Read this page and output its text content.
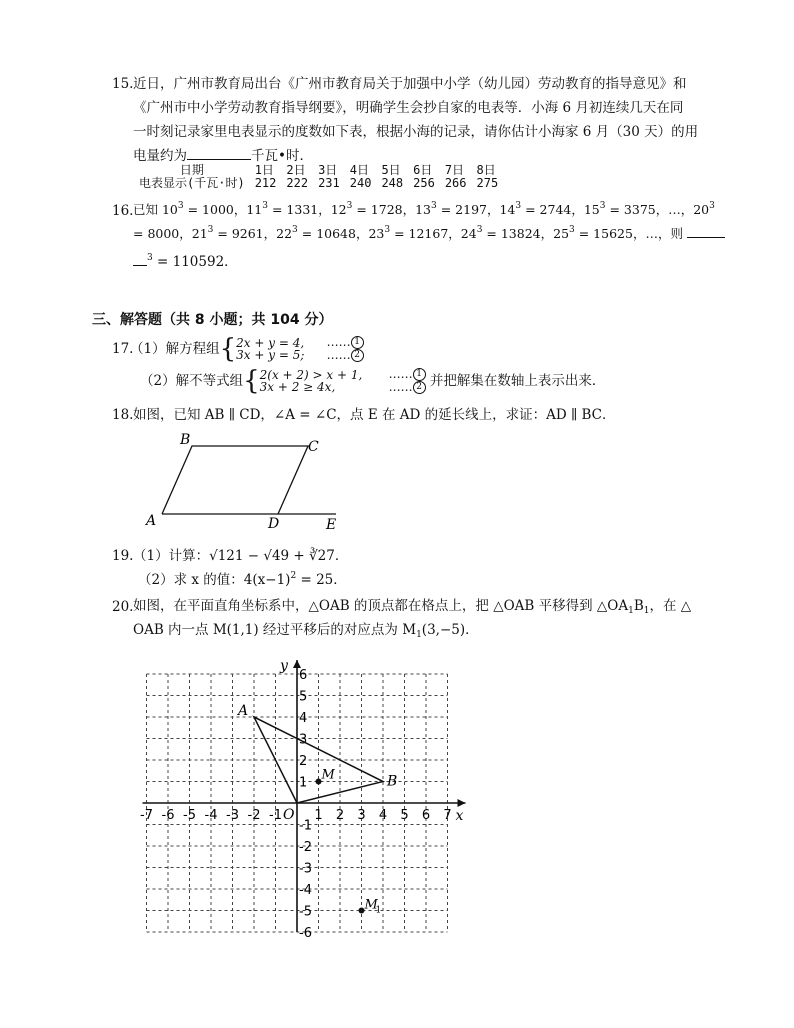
15. 近日，广州市教育局出台《广州市教育局关于加强中小学（幼儿园）劳动教育的指导意见》和
《广州市中小学劳动教育指导纲要》，明确学生会抄自家的电表等．小海 6 月初连续几天在同
一时刻记录家里电表显示的度数如下表，根据小海的记录，请你估计小海家 6 月（30 天）的用
电量约为	千瓦•时．
日期	1日	2日	3日	4日	5日	6日	7日	8日
电表显示(千瓦·时)	212	222	231	240	248	256	266	275
16. 已知 $10^3 = 1000$，$11^3 = 1331$，$12^3 = 1728$，$13^3 = 2197$，$14^3 = 2744$，$15^3 = 3375$，…，$20^3$
= 8000，$21^3 = 9261$，$22^3 = 10648$，$23^3 = 12167$，$24^3 = 13824$，$25^3 = 15625$，…，则
$^3$ = 110592．
三、解答题（共 8 小题；共 104 分）
17.
（1）解方程组{2x + y = 4,
3x + y = 5; …… 1
…… 2
（2）解不等式组{2(x + 2) > x + 1,
3x + 2 ≥ 4x, …… 1
…… 2 并把解集在数轴上表示出来．
18. 如图，已知 AB ∥ CD，∠A = ∠C，点 E 在 AD 的延长线上，求证：AD ∥ BC．
A
B	C
D	E
19. （1）计算：√121 − √49 + ∛27．
（2）求 x 的值：$4(x-1)^2 = 25$．
20. 如图，在平面直角坐标系中，△OAB 的顶点都在格点上，把 △OAB 平移得到 $\triangle OA_1B_1$，在 △
OAB 内一点 M(1,1) 经过平移后的对应点为 $M_1(3,-5)$．
x
y
-7 -6 -5 -4 -3 -2 -1 1 2 3 4 5 6 7
6
5
4
3
2
1
-1
-2
-3
-4
-5
-6
O
A
B
M
M
1
